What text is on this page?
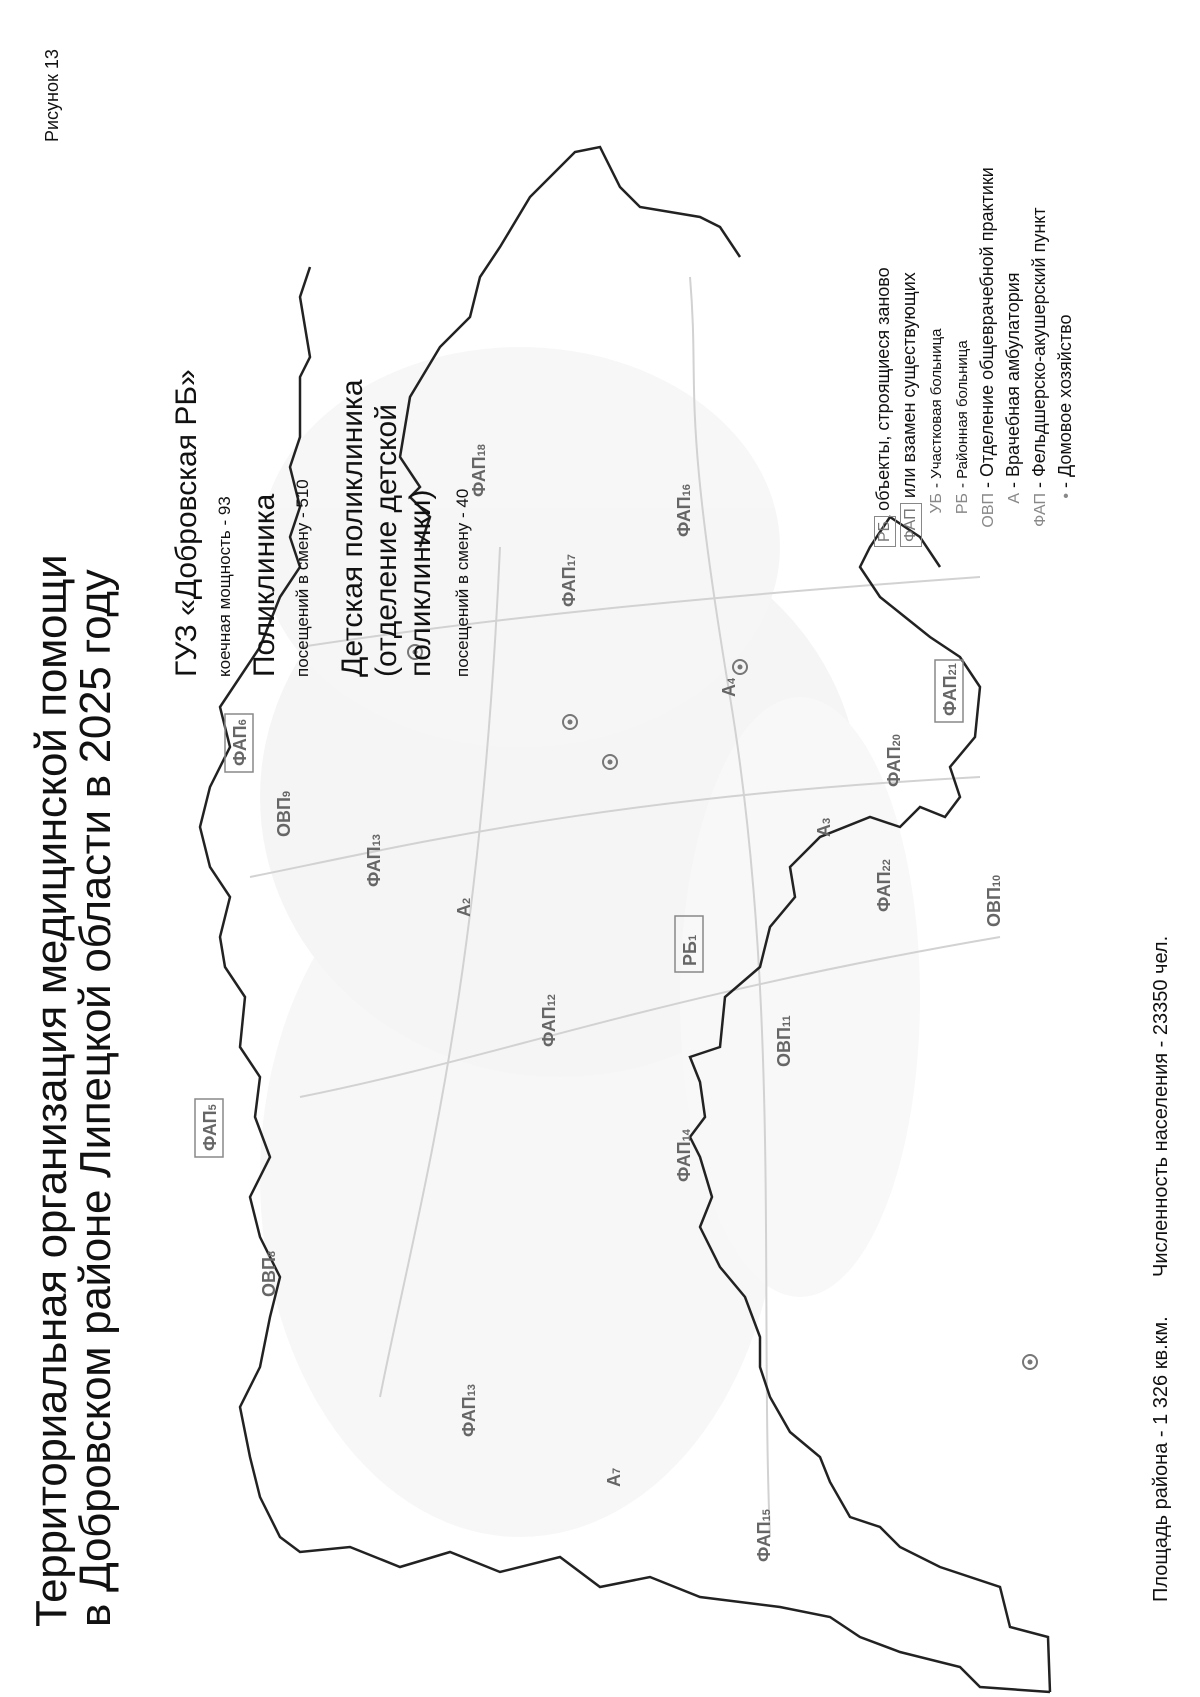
ФАП5
ФАП6
ОВП9
ФАП13
А2
ФАП12
РБ1
ОВП11
ОВП8
ФАП14
ФАП13
А7
ФАП15
А3
ФАП22
ФАП20
ОВП10
ФАП21
ФАП17
ФАП18
ФАП16
А4
Рисунок 13
Территориальная организация медицинской помощи
в Добровском районе Липецкой области в 2025 году
ГУЗ «Добровская РБ» коечная мощность - 93 Поликлиника посещений в смену - 510 Детская поликлиника (отделение детской поликлиники) посещений в смену - 40	РБ объекты, строящиеся заново
ФАП или взамен существующих
УБ - Участковая больница
РБ - Районная больница
ОВП - Отделение общеврачебной практики
А - Врачебная амбулатория
ФАП - Фельдшерско-акушерский пункт
• - Домовое хозяйство
Площадь района - 1 326 кв.км.
Численность населения - 23350 чел.
